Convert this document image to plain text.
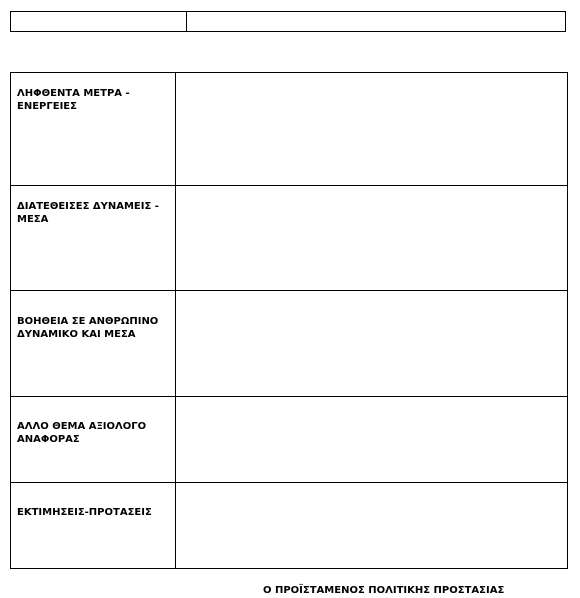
ΛΗΦΘΕΝΤΑ ΜΕΤΡΑ - ΕΝΕΡΓΕΙΕΣ	
ΔΙΑΤΕΘΕΙΣΕΣ ΔΥΝΑΜΕΙΣ - ΜΕΣΑ	
ΒΟΗΘΕΙΑ ΣΕ ΑΝΘΡΩΠΙΝΟ ΔΥΝΑΜΙΚΟ ΚΑΙ ΜΕΣΑ	
ΑΛΛΟ ΘΕΜΑ ΑΞΙΟΛΟΓΟ ΑΝΑΦΟΡΑΣ	
ΕΚΤΙΜΗΣΕΙΣ-ΠΡΟΤΑΣΕΙΣ	
Ο ΠΡΟΪΣΤΑΜΕΝΟΣ ΠΟΛΙΤΙΚΗΣ ΠΡΟΣΤΑΣΙΑΣ
